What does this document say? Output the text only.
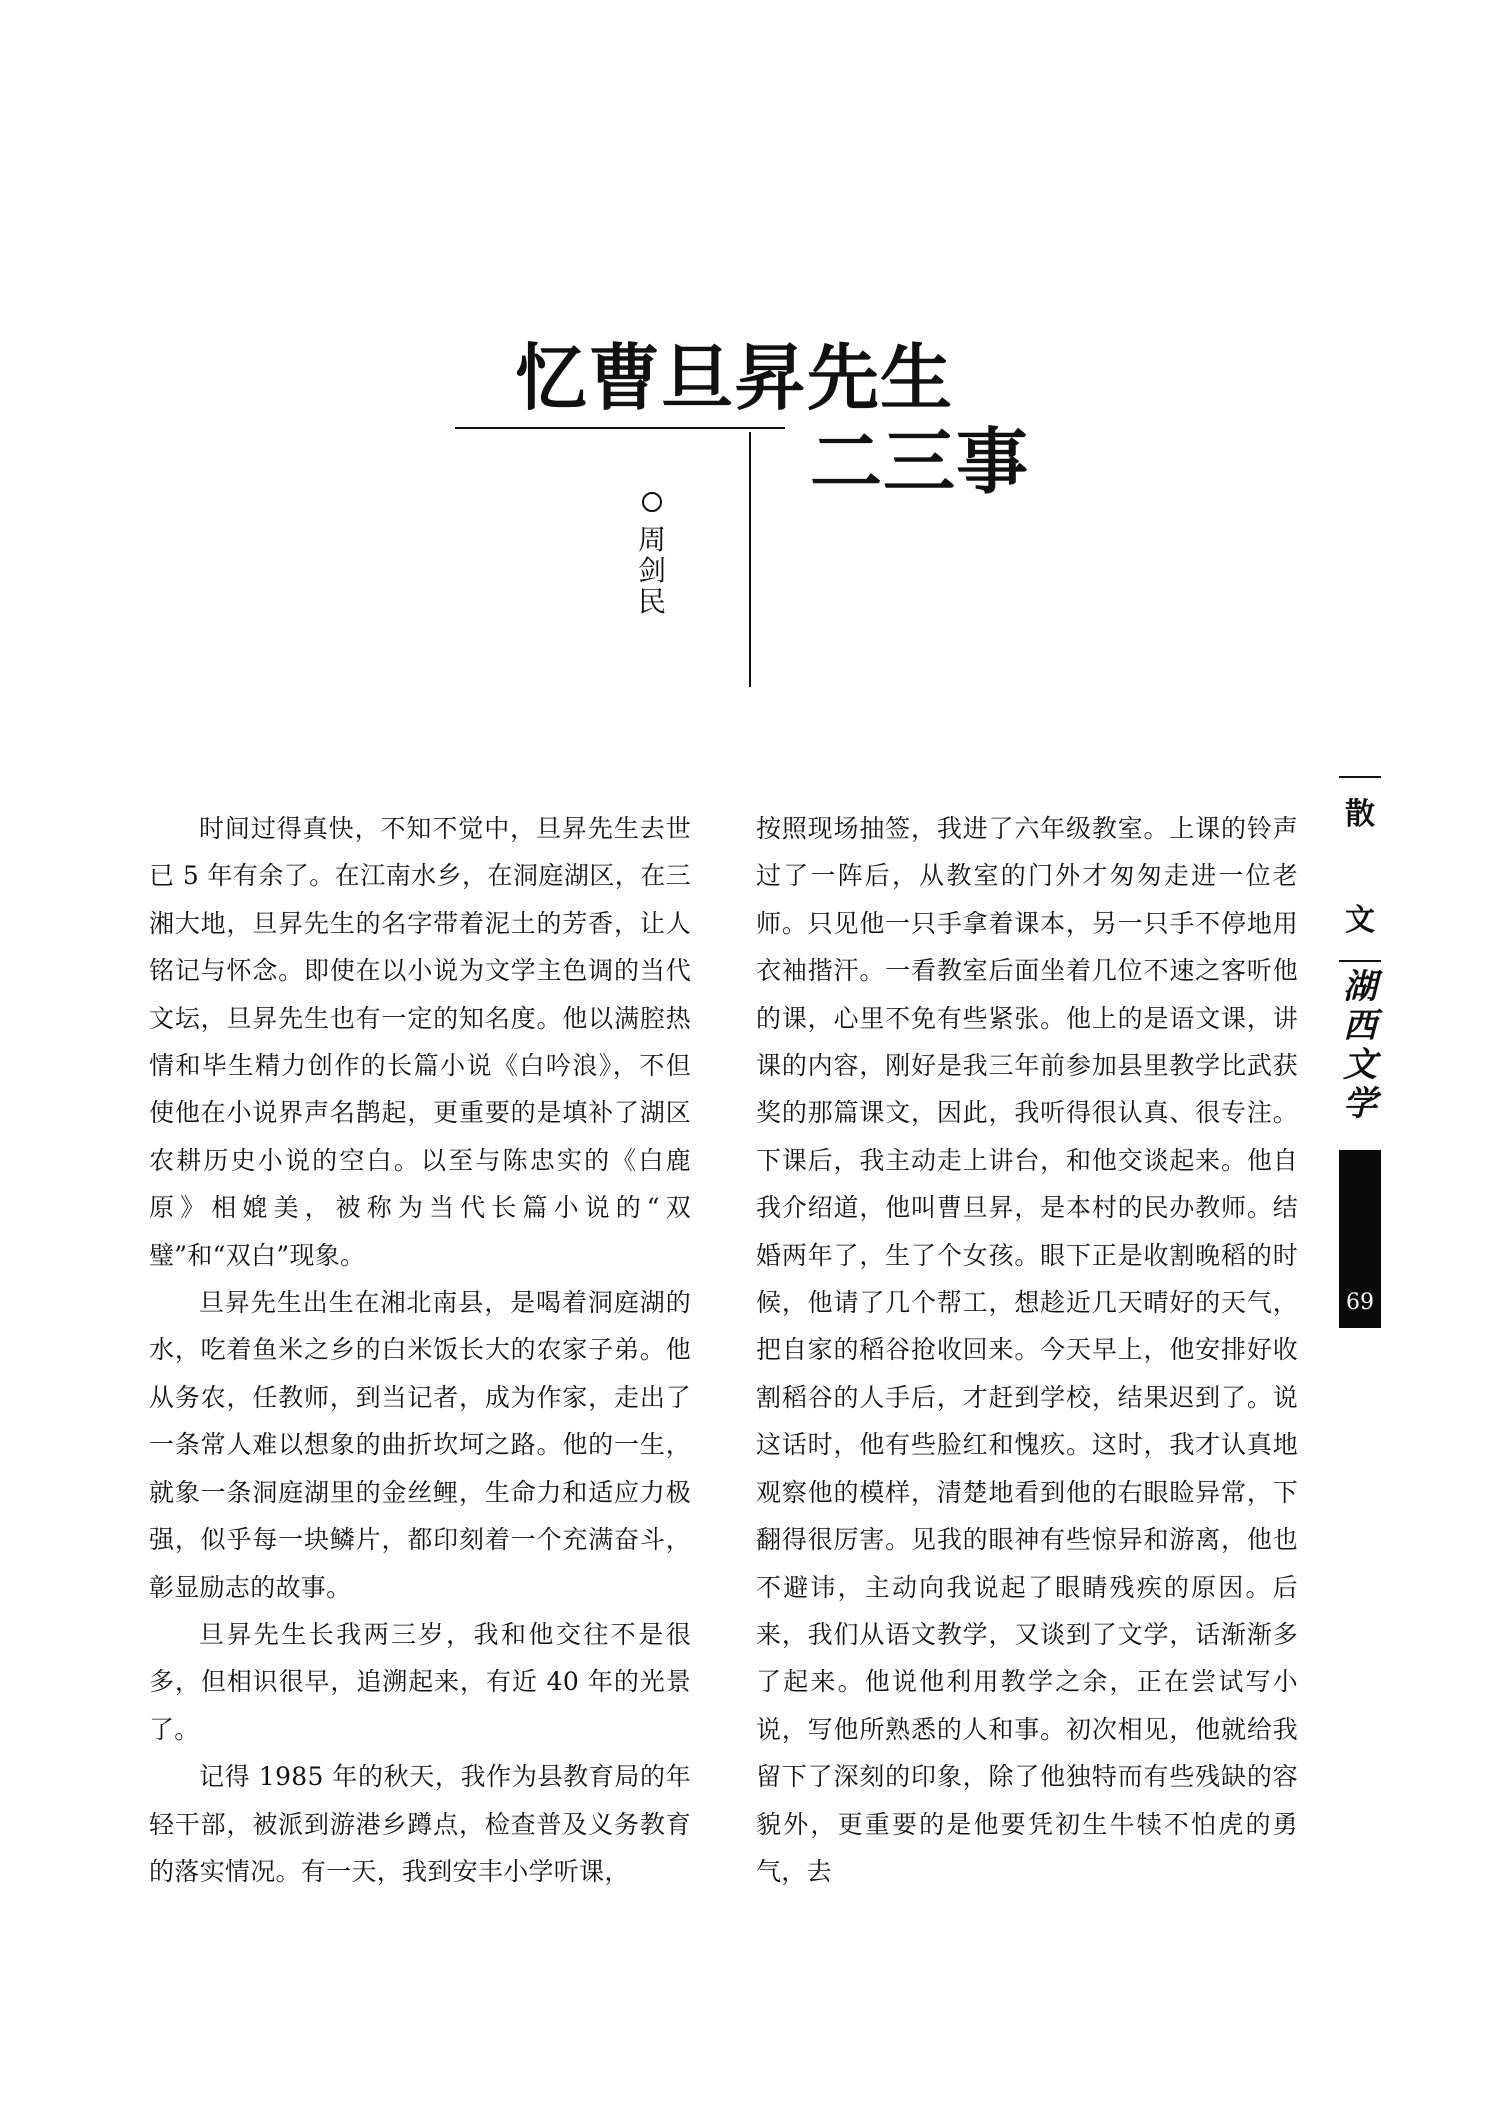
忆曹旦昇先生
二三事
周剑民

时间过得真快，不知不觉中，旦昇先生去世已 5 年有余了。在江南水乡，在洞庭湖区，在三湘大地，旦昇先生的名字带着泥土的芳香，让人铭记与怀念。即使在以小说为文学主色调的当代文坛，旦昇先生也有一定的知名度。他以满腔热情和毕生精力创作的长篇小说《白吟浪》，不但使他在小说界声名鹊起，更重要的是填补了湖区农耕历史小说的空白。以至与陈忠实的《白鹿原》相媲美，被称为当代长篇小说的“双璧”和“双白”现象。

旦昇先生出生在湘北南县，是喝着洞庭湖的水，吃着鱼米之乡的白米饭长大的农家子弟。他从务农，任教师，到当记者，成为作家，走出了一条常人难以想象的曲折坎坷之路。他的一生，就象一条洞庭湖里的金丝鲤，生命力和适应力极强，似乎每一块鳞片，都印刻着一个充满奋斗，彰显励志的故事。

旦昇先生长我两三岁，我和他交往不是很多，但相识很早，追溯起来，有近 40 年的光景了。

记得 1985 年的秋天，我作为县教育局的年轻干部，被派到游港乡蹲点，检查普及义务教育的落实情况。有一天，我到安丰小学听课，

按照现场抽签，我进了六年级教室。上课的铃声过了一阵后，从教室的门外才匆匆走进一位老师。只见他一只手拿着课本，另一只手不停地用衣袖揩汗。一看教室后面坐着几位不速之客听他的课，心里不免有些紧张。他上的是语文课，讲课的内容，刚好是我三年前参加县里教学比武获奖的那篇课文，因此，我听得很认真、很专注。下课后，我主动走上讲台，和他交谈起来。他自我介绍道，他叫曹旦昇，是本村的民办教师。结婚两年了，生了个女孩。眼下正是收割晚稻的时候，他请了几个帮工，想趁近几天晴好的天气，把自家的稻谷抢收回来。今天早上，他安排好收割稻谷的人手后，才赶到学校，结果迟到了。说这话时，他有些脸红和愧疚。这时，我才认真地观察他的模样，清楚地看到他的右眼睑异常，下翻得很厉害。见我的眼神有些惊异和游离，他也不避讳，主动向我说起了眼睛残疾的原因。后来，我们从语文教学，又谈到了文学，话渐渐多了起来。他说他利用教学之余，正在尝试写小说，写他所熟悉的人和事。初次相见，他就给我留下了深刻的印象，除了他独特而有些残缺的容貌外，更重要的是他要凭初生牛犊不怕虎的勇气，去

散
文
湖西文学
69
